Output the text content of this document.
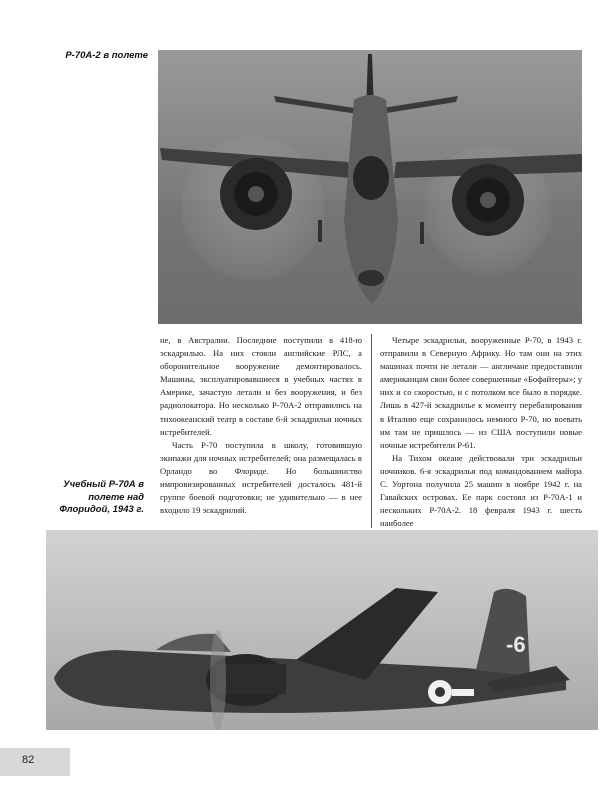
Р-70А-2 в полете

не, в Австралии. Последние поступили в 418-ю эскадрилью. На них стояли английские РЛС, а оборонительное вооружение демонтировалось. Машины, эксплуатировавшиеся в учебных частях в Америке, зачастую летали и без вооружения, и без радиолокатора. Но несколько Р-70А-2 отправились на тихоокеанский театр в составе 6-й эскадрильи ночных истребителей.

Часть Р-70 поступила в школу, готовившую экипажи для ночных истребителей; она размещалась в Орландо во Флориде. Но большинство импровизированных истребителей досталось 481-й группе боевой подготовки; не удивительно — в нее входило 19 эскадрилий.

Четыре эскадрильи, вооруженные Р-70, в 1943 г. отправили в Северную Африку. Но там они на этих машинах почти не летали — англичане предоставили американцам свои более совершенные «Бофайтеры»; у них и со скоростью, и с потолком все было в порядке. Лишь в 427-й эскадрилье к моменту перебазирования в Италию еще сохранилось немного Р-70, но воевать им там не пришлось — из США поступили новые ночные истребители Р-61.

На Тихом океане действовали три эскадрильи ночников. 6-я эскадрилья под командованием майора С. Уортона получила 25 машин в ноябре 1942 г. на Гавайских островах. Ее парк состоял из Р-70А-1 и нескольких Р-70А-2. 18 февраля 1943 г. шесть наиболее

Учебный Р-70А в полете над Флоридой, 1943 г.
-6
82
